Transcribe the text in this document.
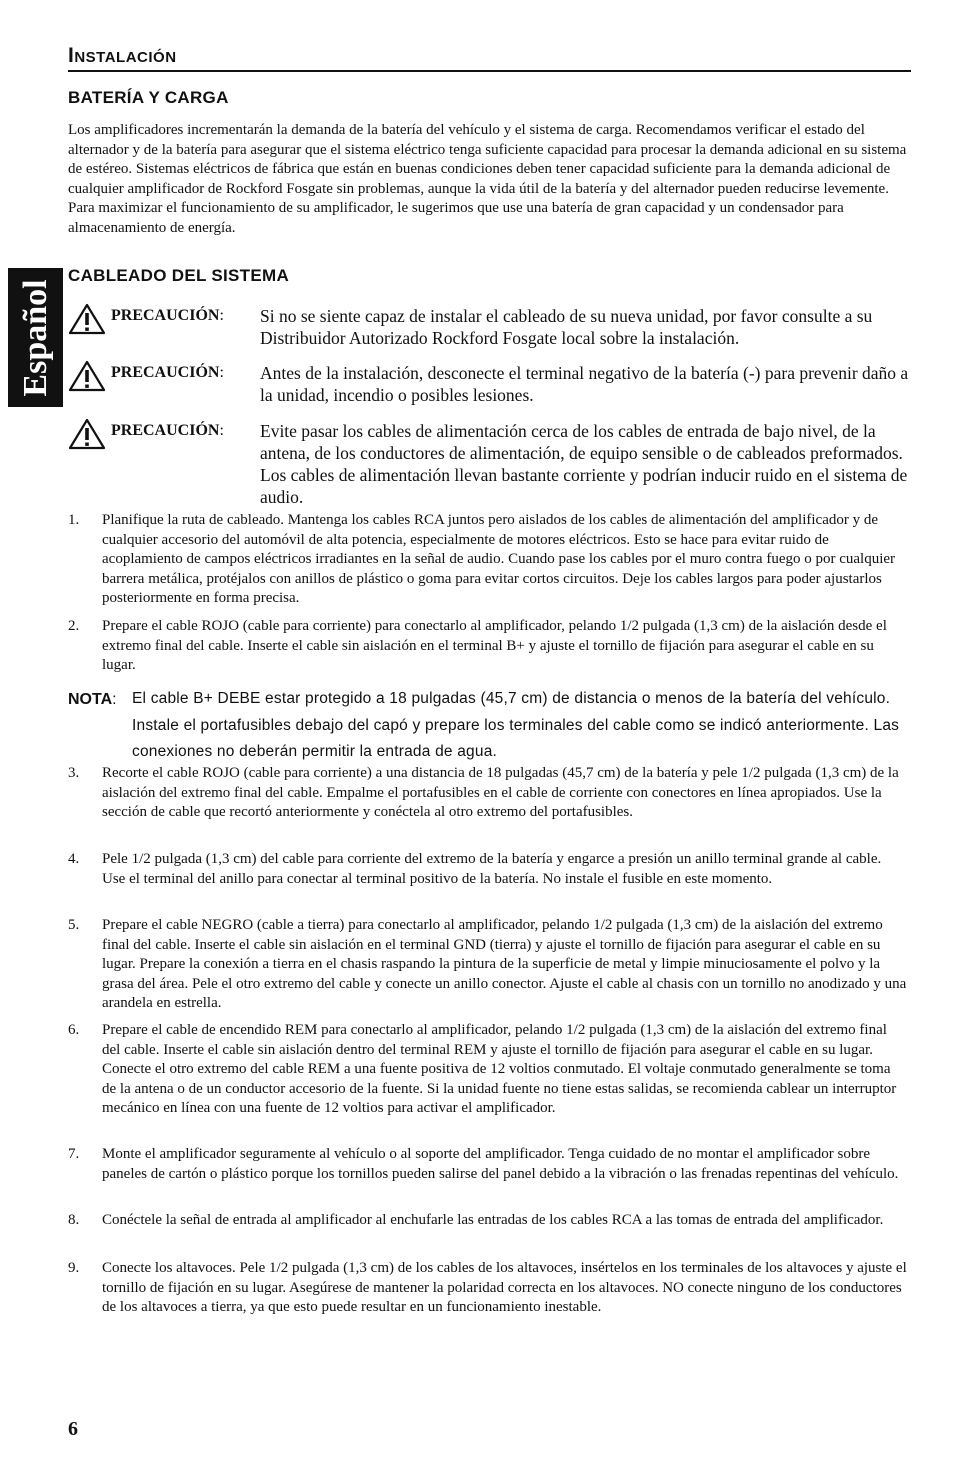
Instalación
Español
BATERÍA Y CARGA

Los amplificadores incrementarán la demanda de la batería del vehículo y el sistema de carga. Recomendamos verificar el estado del alternador y de la batería para asegurar que el sistema eléctrico tenga suficiente capacidad para procesar la demanda adicional en su sistema de estéreo. Sistemas eléctricos de fábrica que están en buenas condiciones deben tener capacidad suficiente para la demanda adicional de cualquier amplificador de Rockford Fosgate sin problemas, aunque la vida útil de la batería y del alternador pueden reducirse levemente. Para maximizar el funcionamiento de su amplificador, le sugerimos que use una batería de gran capacidad y un condensador para almacenamiento de energía.

CABLEADO DEL SISTEMA
PRECAUCIÓN: Si no se siente capaz de instalar el cableado de su nueva unidad, por favor consulte a su Distribuidor Autorizado Rockford Fosgate local sobre la instalación.

PRECAUCIÓN: Antes de la instalación, desconecte el terminal negativo de la batería (-) para prevenir daño a la unidad, incendio o posibles lesiones.

PRECAUCIÓN: Evite pasar los cables de alimentación cerca de los cables de entrada de bajo nivel, de la antena, de los conductores de alimentación, de equipo sensible o de cableados preformados. Los cables de alimentación llevan bastante corriente y podrían inducir ruido en el sistema de audio.

1. Planifique la ruta de cableado. Mantenga los cables RCA juntos pero aislados de los cables de alimentación del amplificador y de cualquier accesorio del automóvil de alta potencia, especialmente de motores eléctricos. Esto se hace para evitar ruido de acoplamiento de campos eléctricos irradiantes en la señal de audio. Cuando pase los cables por el muro contra fuego o por cualquier barrera metálica, protéjalos con anillos de plástico o goma para evitar cortos circuitos. Deje los cables largos para poder ajustarlos posteriormente en forma precisa.

2. Prepare el cable ROJO (cable para corriente) para conectarlo al amplificador, pelando 1/2 pulgada (1,3 cm) de la aislación desde el extremo final del cable. Inserte el cable sin aislación en el terminal B+ y ajuste el tornillo de fijación para asegurar el cable en su lugar.

NOTA: El cable B+ DEBE estar protegido a 18 pulgadas (45,7 cm) de distancia o menos de la batería del vehículo. Instale el portafusibles debajo del capó y prepare los terminales del cable como se indicó anteriormente. Las conexiones no deberán permitir la entrada de agua.

3. Recorte el cable ROJO (cable para corriente) a una distancia de 18 pulgadas (45,7 cm) de la batería y pele 1/2 pulgada (1,3 cm) de la aislación del extremo final del cable. Empalme el portafusibles en el cable de corriente con conectores en línea apropiados. Use la sección de cable que recortó anteriormente y conéctela al otro extremo del portafusibles.

4. Pele 1/2 pulgada (1,3 cm) del cable para corriente del extremo de la batería y engarce a presión un anillo terminal grande al cable. Use el terminal del anillo para conectar al terminal positivo de la batería. No instale el fusible en este momento.

5. Prepare el cable NEGRO (cable a tierra) para conectarlo al amplificador, pelando 1/2 pulgada (1,3 cm) de la aislación del extremo final del cable. Inserte el cable sin aislación en el terminal GND (tierra) y ajuste el tornillo de fijación para asegurar el cable en su lugar. Prepare la conexión a tierra en el chasis raspando la pintura de la superficie de metal y limpie minuciosamente el polvo y la grasa del área. Pele el otro extremo del cable y conecte un anillo conector. Ajuste el cable al chasis con un tornillo no anodizado y una arandela en estrella.

6. Prepare el cable de encendido REM para conectarlo al amplificador, pelando 1/2 pulgada (1,3 cm) de la aislación del extremo final del cable. Inserte el cable sin aislación dentro del terminal REM y ajuste el tornillo de fijación para asegurar el cable en su lugar. Conecte el otro extremo del cable REM a una fuente positiva de 12 voltios conmutado. El voltaje conmutado generalmente se toma de la antena o de un conductor accesorio de la fuente. Si la unidad fuente no tiene estas salidas, se recomienda cablear un interruptor mecánico en línea con una fuente de 12 voltios para activar el amplificador.

7. Monte el amplificador seguramente al vehículo o al soporte del amplificador. Tenga cuidado de no montar el amplificador sobre paneles de cartón o plástico porque los tornillos pueden salirse del panel debido a la vibración o las frenadas repentinas del vehículo.

8. Conéctele la señal de entrada al amplificador al enchufarle las entradas de los cables RCA a las tomas de entrada del amplificador.

9. Conecte los altavoces. Pele 1/2 pulgada (1,3 cm) de los cables de los altavoces, insértelos en los terminales de los altavoces y ajuste el tornillo de fijación en su lugar. Asegúrese de mantener la polaridad correcta en los altavoces. NO conecte ninguno de los conductores de los altavoces a tierra, ya que esto puede resultar en un funcionamiento inestable.

6
